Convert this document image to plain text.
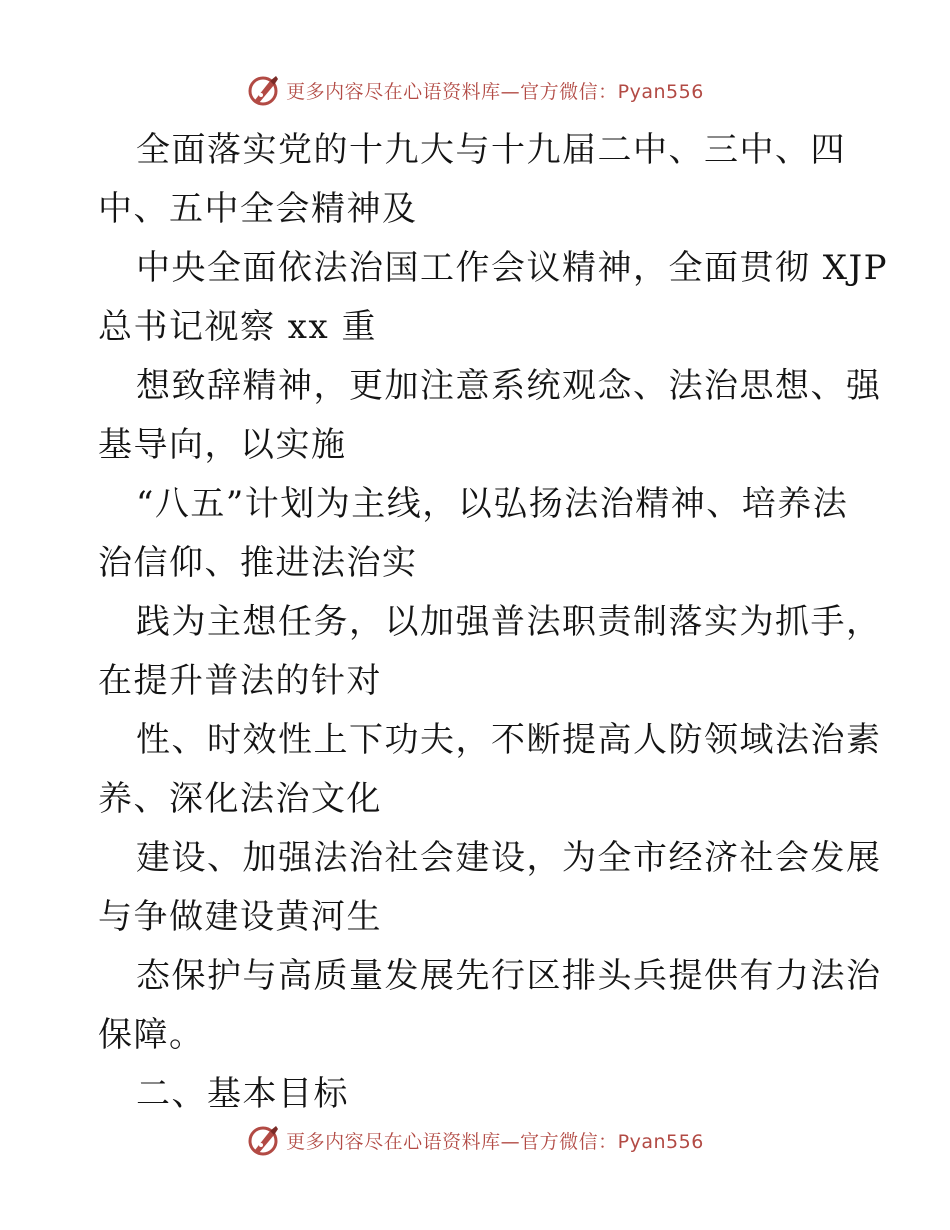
更多内容尽在心语资料库—官方微信：Pyan556

全面落实党的十九大与十九届二中、三中、四
中、五中全会精神及

中央全面依法治国工作会议精神，全面贯彻 XJP
总书记视察 xx 重

想致辞精神，更加注意系统观念、法治思想、强
基导向，以实施

“八五”计划为主线，以弘扬法治精神、培养法
治信仰、推进法治实

践为主想任务，以加强普法职责制落实为抓手，
在提升普法的针对

性、时效性上下功夫，不断提高人防领域法治素
养、深化法治文化

建设、加强法治社会建设，为全市经济社会发展
与争做建设黄河生

态保护与高质量发展先行区排头兵提供有力法治
保障。

二、基本目标

更多内容尽在心语资料库—官方微信：Pyan556
